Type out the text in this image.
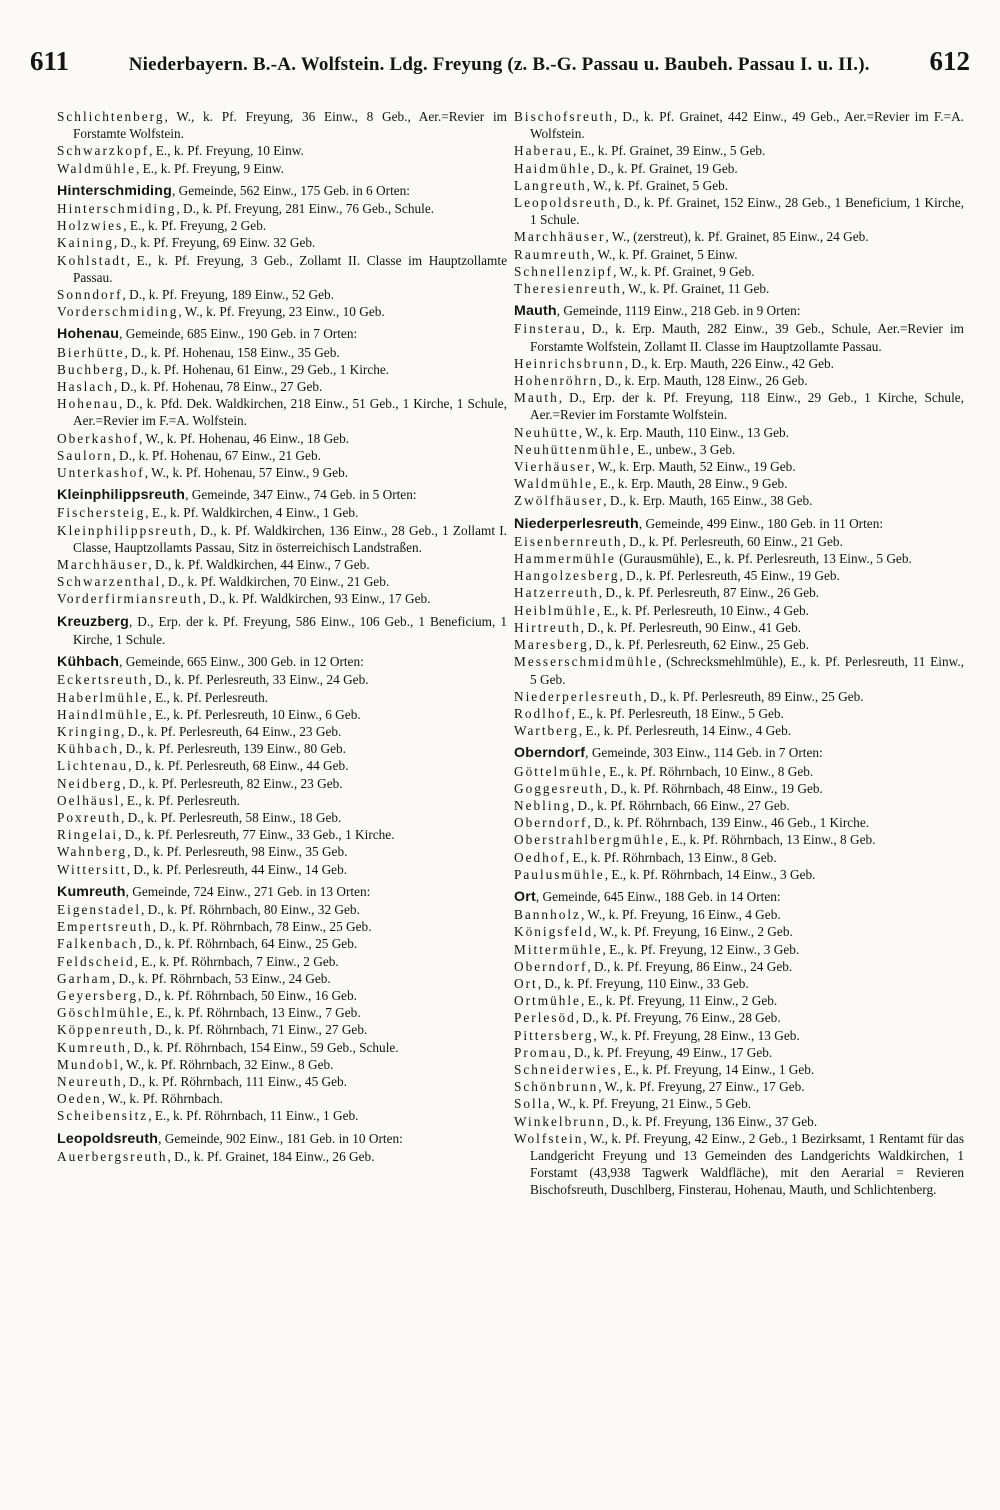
611	Niederbayern. B.-A. Wolfstein. Ldg. Freyung (z. B.-G. Passau u. Baubeh. Passau I. u. II.). 612

Schlichtenberg, W., k. Pf. Freyung, 36 Einw., 8 Geb., Aer.=Revier im Forstamte Wolfstein.

Schwarzkopf, E., k. Pf. Freyung, 10 Einw.

Waldmühle, E., k. Pf. Freyung, 9 Einw.

Hinterschmiding, Gemeinde, 562 Einw., 175 Geb. in 6 Orten:

Hinterschmiding, D., k. Pf. Freyung, 281 Einw., 76 Geb., Schule.

Holzwies, E., k. Pf. Freyung, 2 Geb.

Kaining, D., k. Pf. Freyung, 69 Einw. 32 Geb.

Kohlstadt, E., k. Pf. Freyung, 3 Geb., Zollamt II. Classe im Hauptzollamte Passau.

Sonndorf, D., k. Pf. Freyung, 189 Einw., 52 Geb.

Vorderschmiding, W., k. Pf. Freyung, 23 Einw., 10 Geb.

Hohenau, Gemeinde, 685 Einw., 190 Geb. in 7 Orten:

Bierhütte, D., k. Pf. Hohenau, 158 Einw., 35 Geb.

Buchberg, D., k. Pf. Hohenau, 61 Einw., 29 Geb., 1 Kirche.

Haslach, D., k. Pf. Hohenau, 78 Einw., 27 Geb.

Hohenau, D., k. Pfd. Dek. Waldkirchen, 218 Einw., 51 Geb., 1 Kirche, 1 Schule, Aer.=Revier im F.=A. Wolfstein.

Oberkashof, W., k. Pf. Hohenau, 46 Einw., 18 Geb.

Saulorn, D., k. Pf. Hohenau, 67 Einw., 21 Geb.

Unterkashof, W., k. Pf. Hohenau, 57 Einw., 9 Geb.

Kleinphilippsreuth, Gemeinde, 347 Einw., 74 Geb. in 5 Orten:

Fischersteig, E., k. Pf. Waldkirchen, 4 Einw., 1 Geb.

Kleinphilippsreuth, D., k. Pf. Waldkirchen, 136 Einw., 28 Geb., 1 Zollamt I. Classe, Hauptzollamts Passau, Sitz in österreichisch Landstraßen.

Marchhäuser, D., k. Pf. Waldkirchen, 44 Einw., 7 Geb.

Schwarzenthal, D., k. Pf. Waldkirchen, 70 Einw., 21 Geb.

Vorderfirmiansreuth, D., k. Pf. Waldkirchen, 93 Einw., 17 Geb.

Kreuzberg, D., Erp. der k. Pf. Freyung, 586 Einw., 106 Geb., 1 Beneficium, 1 Kirche, 1 Schule.

Kühbach, Gemeinde, 665 Einw., 300 Geb. in 12 Orten:

Eckertsreuth, D., k. Pf. Perlesreuth, 33 Einw., 24 Geb.

Haberlmühle, E., k. Pf. Perlesreuth.

Haindlmühle, E., k. Pf. Perlesreuth, 10 Einw., 6 Geb.

Kringing, D., k. Pf. Perlesreuth, 64 Einw., 23 Geb.

Kühbach, D., k. Pf. Perlesreuth, 139 Einw., 80 Geb.

Lichtenau, D., k. Pf. Perlesreuth, 68 Einw., 44 Geb.

Neidberg, D., k. Pf. Perlesreuth, 82 Einw., 23 Geb.

Oelhäusl, E., k. Pf. Perlesreuth.

Poxreuth, D., k. Pf. Perlesreuth, 58 Einw., 18 Geb.

Ringelai, D., k. Pf. Perlesreuth, 77 Einw., 33 Geb., 1 Kirche.

Wahnberg, D., k. Pf. Perlesreuth, 98 Einw., 35 Geb.

Wittersitt, D., k. Pf. Perlesreuth, 44 Einw., 14 Geb.

Kumreuth, Gemeinde, 724 Einw., 271 Geb. in 13 Orten:

Eigenstadel, D., k. Pf. Röhrnbach, 80 Einw., 32 Geb.

Empertsreuth, D., k. Pf. Röhrnbach, 78 Einw., 25 Geb.

Falkenbach, D., k. Pf. Röhrnbach, 64 Einw., 25 Geb.

Feldscheid, E., k. Pf. Röhrnbach, 7 Einw., 2 Geb.

Garham, D., k. Pf. Röhrnbach, 53 Einw., 24 Geb.

Geyersberg, D., k. Pf. Röhrnbach, 50 Einw., 16 Geb.

Göschlmühle, E., k. Pf. Röhrnbach, 13 Einw., 7 Geb.

Köppenreuth, D., k. Pf. Röhrnbach, 71 Einw., 27 Geb.

Kumreuth, D., k. Pf. Röhrnbach, 154 Einw., 59 Geb., Schule.

Mundobl, W., k. Pf. Röhrnbach, 32 Einw., 8 Geb.

Neureuth, D., k. Pf. Röhrnbach, 111 Einw., 45 Geb.

Oeden, W., k. Pf. Röhrnbach.

Scheibensitz, E., k. Pf. Röhrnbach, 11 Einw., 1 Geb.

Leopoldsreuth, Gemeinde, 902 Einw., 181 Geb. in 10 Orten:

Auerbergsreuth, D., k. Pf. Grainet, 184 Einw., 26 Geb.

Bischofsreuth, D., k. Pf. Grainet, 442 Einw., 49 Geb., Aer.=Revier im F.=A. Wolfstein.

Haberau, E., k. Pf. Grainet, 39 Einw., 5 Geb.

Haidmühle, D., k. Pf. Grainet, 19 Geb.

Langreuth, W., k. Pf. Grainet, 5 Geb.

Leopoldsreuth, D., k. Pf. Grainet, 152 Einw., 28 Geb., 1 Beneficium, 1 Kirche, 1 Schule.

Marchhäuser, W., (zerstreut), k. Pf. Grainet, 85 Einw., 24 Geb.

Raumreuth, W., k. Pf. Grainet, 5 Einw.

Schnellenzipf, W., k. Pf. Grainet, 9 Geb.

Theresienreuth, W., k. Pf. Grainet, 11 Geb.

Mauth, Gemeinde, 1119 Einw., 218 Geb. in 9 Orten:

Finsterau, D., k. Erp. Mauth, 282 Einw., 39 Geb., Schule, Aer.=Revier im Forstamte Wolfstein, Zollamt II. Classe im Hauptzollamte Passau.

Heinrichsbrunn, D., k. Erp. Mauth, 226 Einw., 42 Geb.

Hohenröhrn, D., k. Erp. Mauth, 128 Einw., 26 Geb.

Mauth, D., Erp. der k. Pf. Freyung, 118 Einw., 29 Geb., 1 Kirche, Schule, Aer.=Revier im Forstamte Wolfstein.

Neuhütte, W., k. Erp. Mauth, 110 Einw., 13 Geb.

Neuhüttenmühle, E., unbew., 3 Geb.

Vierhäuser, W., k. Erp. Mauth, 52 Einw., 19 Geb.

Waldmühle, E., k. Erp. Mauth, 28 Einw., 9 Geb.

Zwölfhäuser, D., k. Erp. Mauth, 165 Einw., 38 Geb.

Niederperlesreuth, Gemeinde, 499 Einw., 180 Geb. in 11 Orten:

Eisenbernreuth, D., k. Pf. Perlesreuth, 60 Einw., 21 Geb.

Hammermühle (Gurausmühle), E., k. Pf. Perlesreuth, 13 Einw., 5 Geb.

Hangolzesberg, D., k. Pf. Perlesreuth, 45 Einw., 19 Geb.

Hatzerreuth, D., k. Pf. Perlesreuth, 87 Einw., 26 Geb.

Heiblmühle, E., k. Pf. Perlesreuth, 10 Einw., 4 Geb.

Hirtreuth, D., k. Pf. Perlesreuth, 90 Einw., 41 Geb.

Maresberg, D., k. Pf. Perlesreuth, 62 Einw., 25 Geb.

Messerschmidmühle, (Schrecksmehlmühle), E., k. Pf. Perlesreuth, 11 Einw., 5 Geb.

Niederperlesreuth, D., k. Pf. Perlesreuth, 89 Einw., 25 Geb.

Rodlhof, E., k. Pf. Perlesreuth, 18 Einw., 5 Geb.

Wartberg, E., k. Pf. Perlesreuth, 14 Einw., 4 Geb.

Oberndorf, Gemeinde, 303 Einw., 114 Geb. in 7 Orten:

Göttelmühle, E., k. Pf. Röhrnbach, 10 Einw., 8 Geb.

Goggesreuth, D., k. Pf. Röhrnbach, 48 Einw., 19 Geb.

Nebling, D., k. Pf. Röhrnbach, 66 Einw., 27 Geb.

Oberndorf, D., k. Pf. Röhrnbach, 139 Einw., 46 Geb., 1 Kirche.

Oberstrahlbergmühle, E., k. Pf. Röhrnbach, 13 Einw., 8 Geb.

Oedhof, E., k. Pf. Röhrnbach, 13 Einw., 8 Geb.

Paulusmühle, E., k. Pf. Röhrnbach, 14 Einw., 3 Geb.

Ort, Gemeinde, 645 Einw., 188 Geb. in 14 Orten:

Bannholz, W., k. Pf. Freyung, 16 Einw., 4 Geb.

Königsfeld, W., k. Pf. Freyung, 16 Einw., 2 Geb.

Mittermühle, E., k. Pf. Freyung, 12 Einw., 3 Geb.

Oberndorf, D., k. Pf. Freyung, 86 Einw., 24 Geb.

Ort, D., k. Pf. Freyung, 110 Einw., 33 Geb.

Ortmühle, E., k. Pf. Freyung, 11 Einw., 2 Geb.

Perlesöd, D., k. Pf. Freyung, 76 Einw., 28 Geb.

Pittersberg, W., k. Pf. Freyung, 28 Einw., 13 Geb.

Promau, D., k. Pf. Freyung, 49 Einw., 17 Geb.

Schneiderwies, E., k. Pf. Freyung, 14 Einw., 1 Geb.

Schönbrunn, W., k. Pf. Freyung, 27 Einw., 17 Geb.

Solla, W., k. Pf. Freyung, 21 Einw., 5 Geb.

Winkelbrunn, D., k. Pf. Freyung, 136 Einw., 37 Geb.

Wolfstein, W., k. Pf. Freyung, 42 Einw., 2 Geb., 1 Bezirksamt, 1 Rentamt für das Landgericht Freyung und 13 Gemeinden des Landgerichts Waldkirchen, 1 Forstamt (43,938 Tagwerk Waldfläche), mit den Aerarial = Revieren Bischofsreuth, Duschlberg, Finsterau, Hohenau, Mauth, und Schlichtenberg.
